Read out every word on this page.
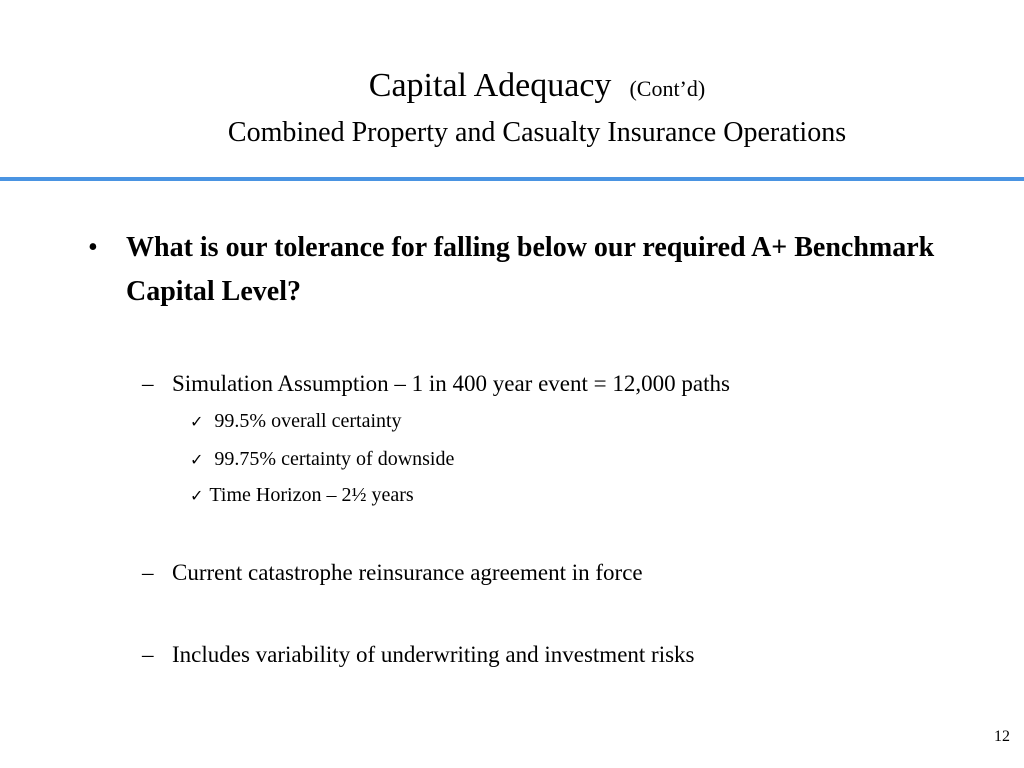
Capital Adequacy (Cont’d)
Combined Property and Casualty Insurance Operations
• What is our tolerance for falling below our required A+ Benchmark Capital Level?
– Simulation Assumption – 1 in 400 year event = 12,000 paths
✓ 99.5% overall certainty
✓ 99.75% certainty of downside
✓ Time Horizon – 2½ years
– Current catastrophe reinsurance agreement in force
– Includes variability of underwriting and investment risks
12
